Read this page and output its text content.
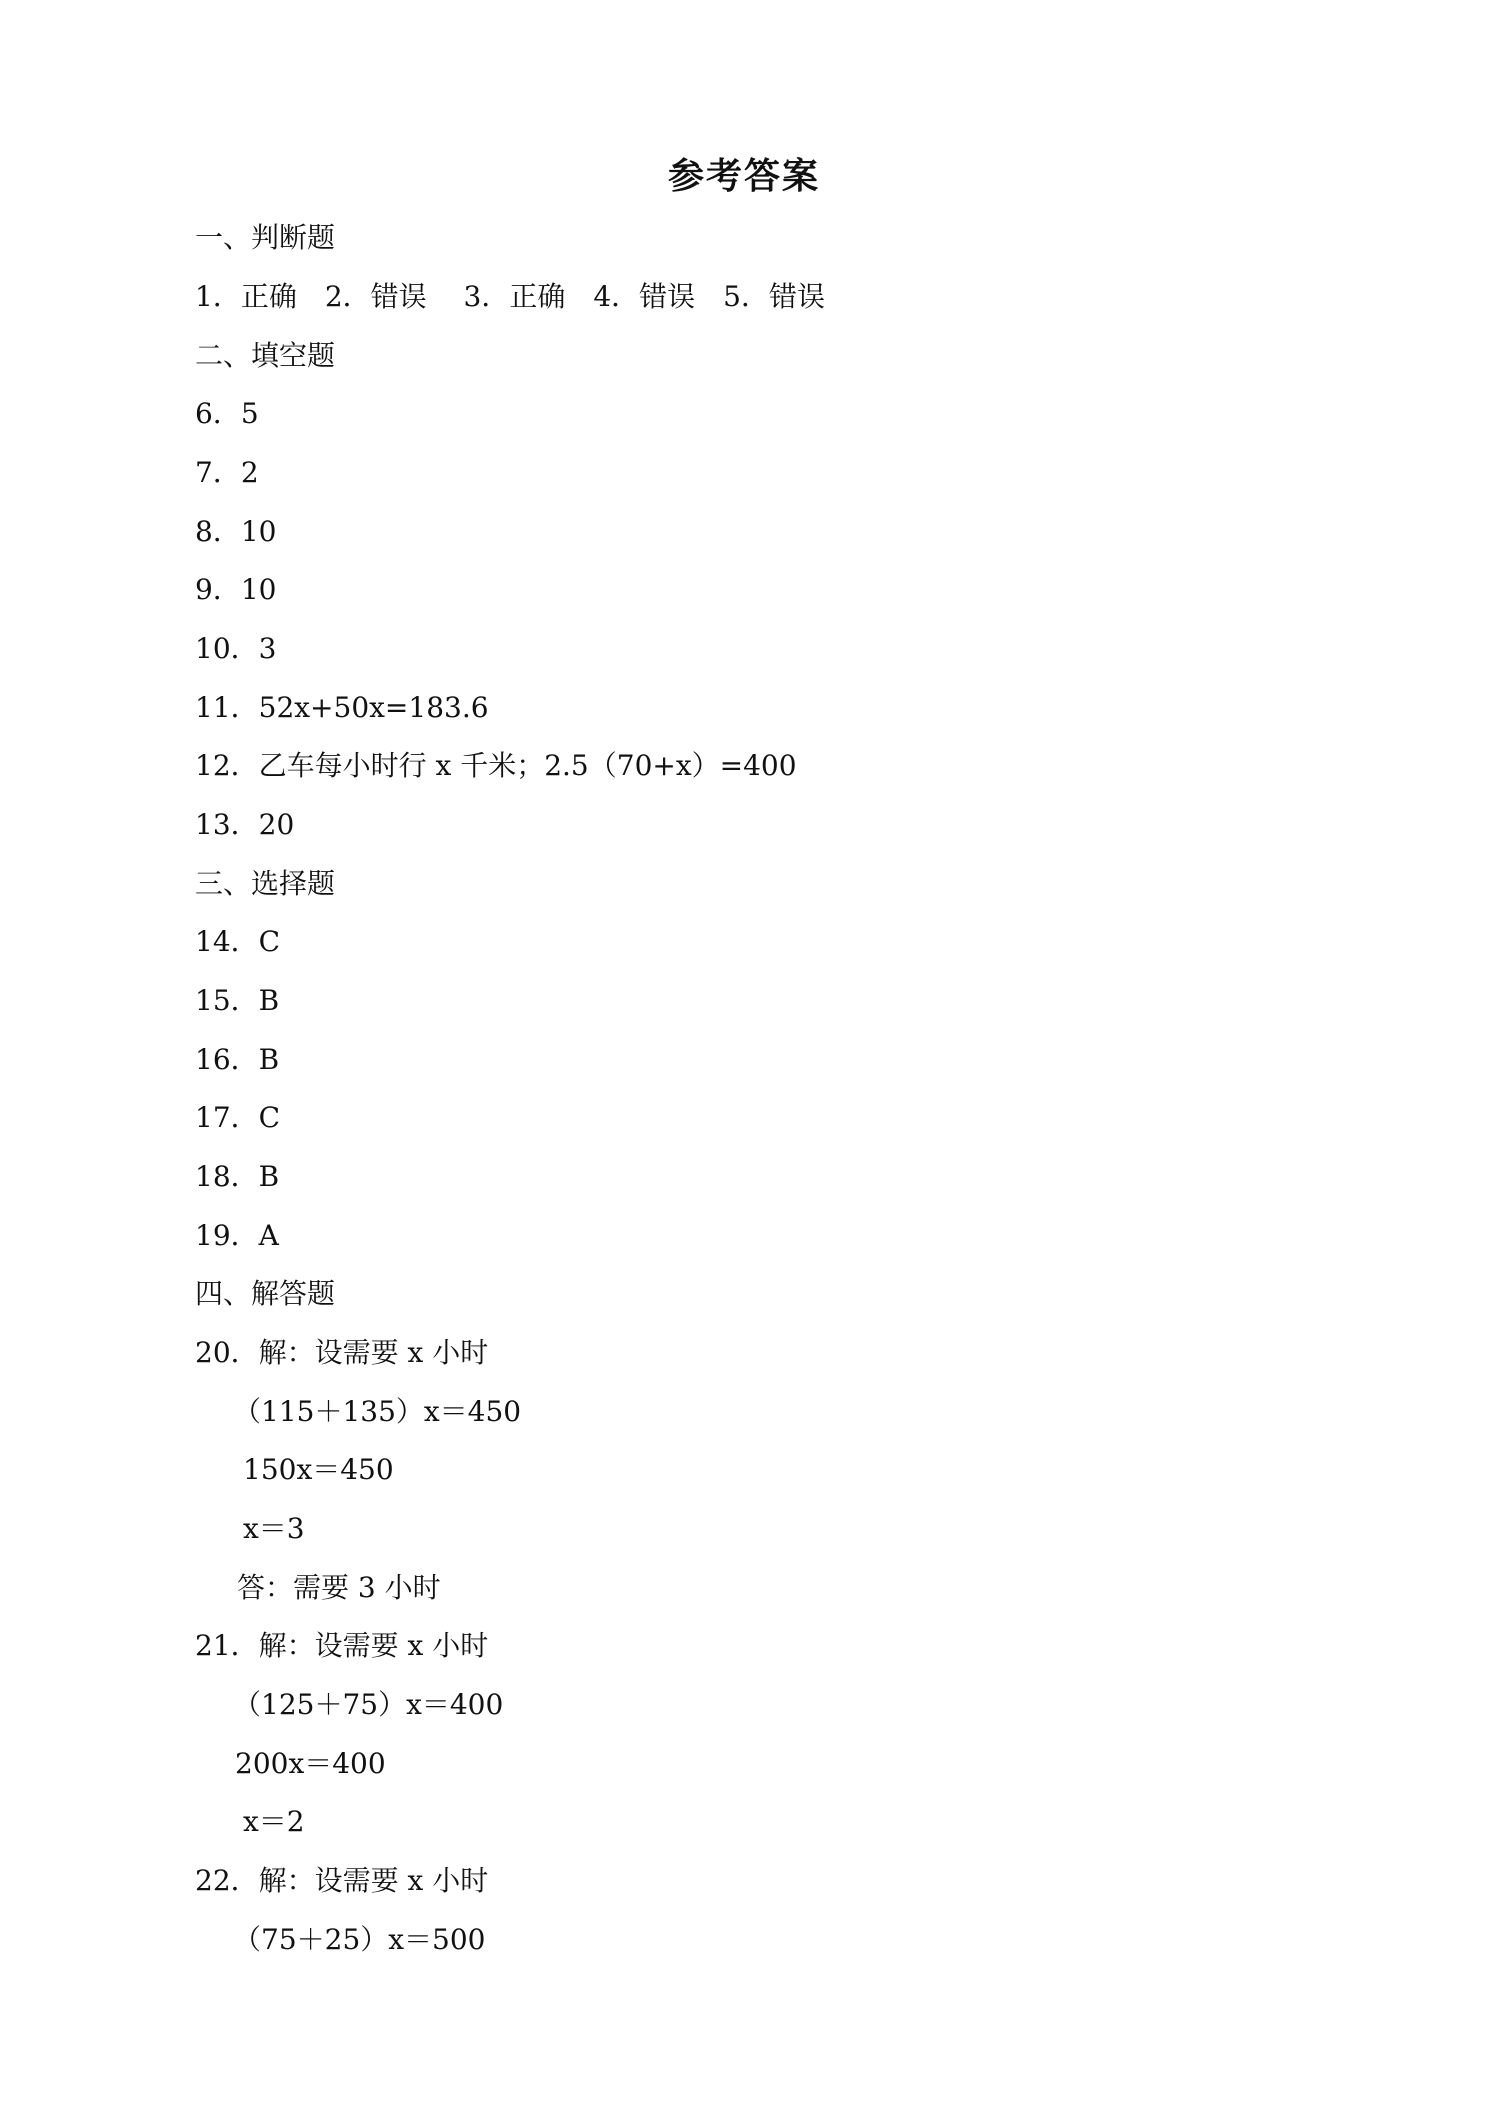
参考答案
一、判断题
1．正确　2．错误　 3．正确　4．错误　5．错误
二、填空题
6．5
7．2
8．10
9．10
10．3
11．52x+50x=183.6
12．乙车每小时行 x 千米；2.5（70+x）=400
13．20
三、选择题
14．C
15．B
16．B
17．C
18．B
19．A
四、解答题
20．解：设需要 x 小时
（115＋135）x＝450
150x＝450
x＝3
答：需要 3 小时
21．解：设需要 x 小时
（125＋75）x＝400
200x＝400
x＝2
22．解：设需要 x 小时
（75＋25）x＝500
